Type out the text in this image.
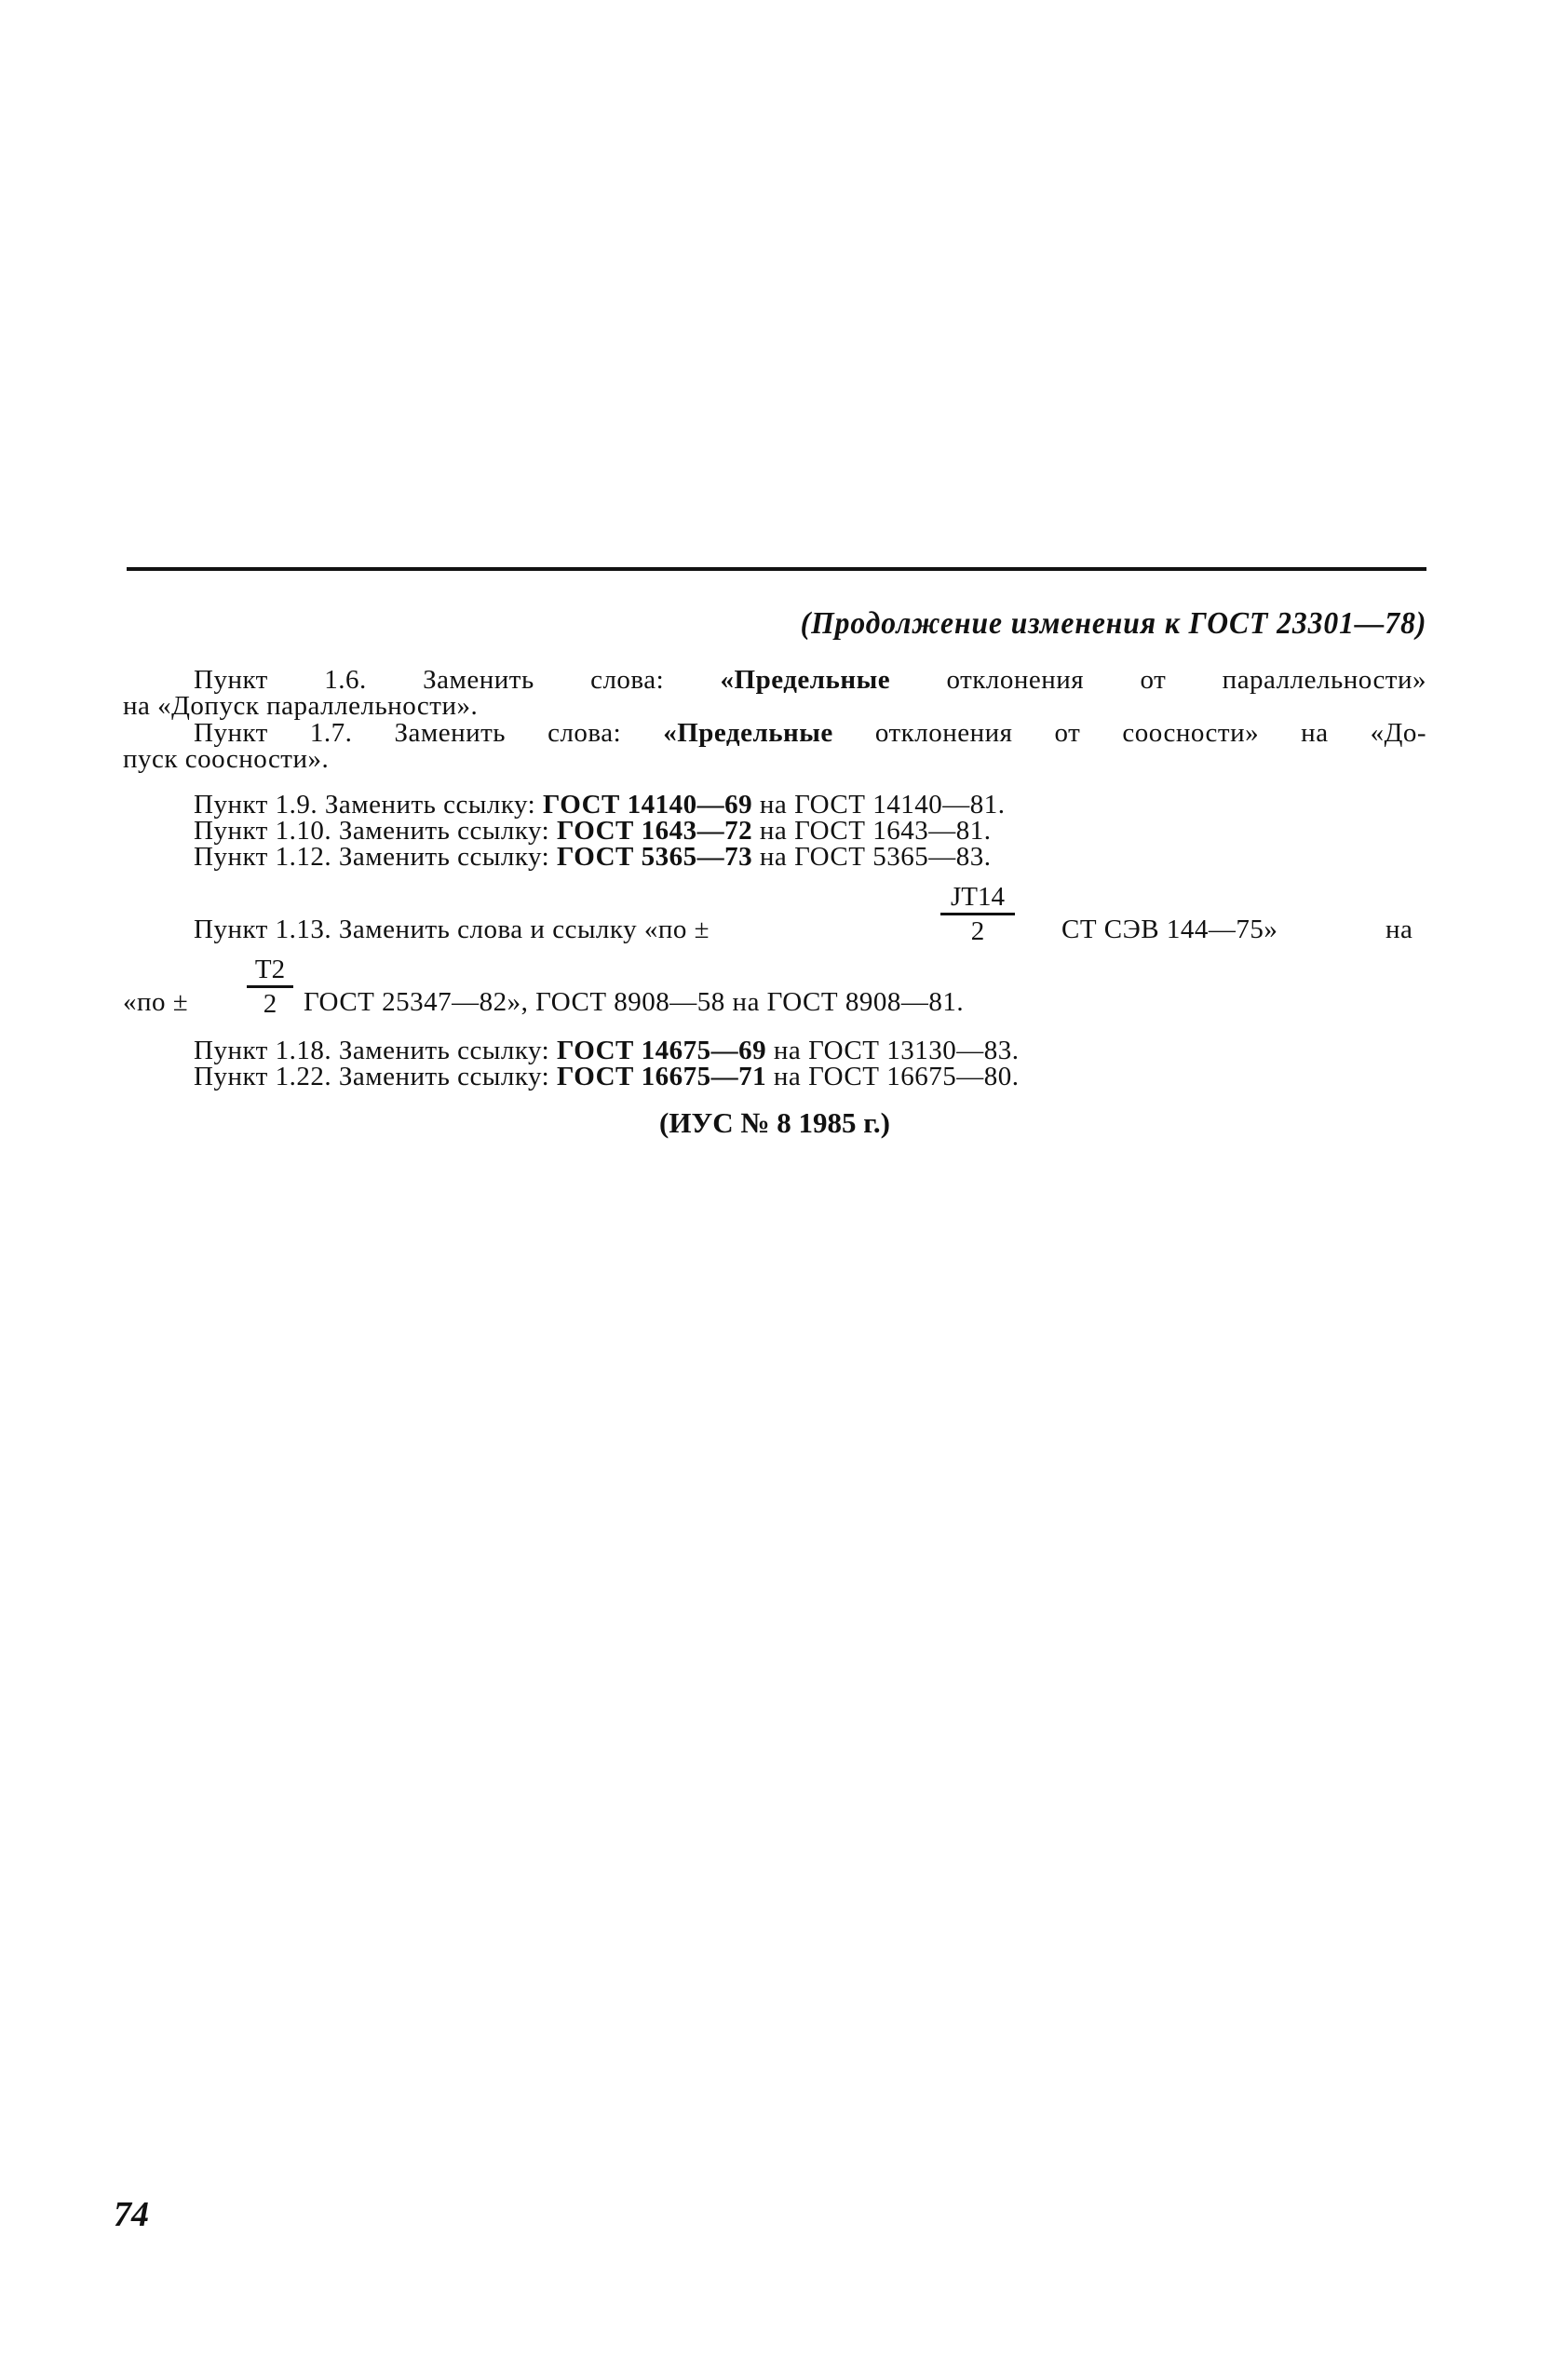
(Продолжение изменения к ГОСТ 23301—78)
Пункт 1.6. Заменить слова: «Предельные отклонения от параллельности»
на «Допуск параллельности».
Пункт 1.7. Заменить слова: «Предельные отклонения от соосности» на «До-
пуск соосности».
Пункт 1.9. Заменить ссылку: ГОСТ 14140—69 на ГОСТ 14140—81.
Пункт 1.10. Заменить ссылку: ГОСТ 1643—72 на ГОСТ 1643—81.
Пункт 1.12. Заменить ссылку: ГОСТ 5365—73 на ГОСТ 5365—83.
Пункт 1.13. Заменить слова и ссылку «по ±
JT14
2	СТ СЭВ 144—75»	на
«по ±
T2
2 ГОСТ 25347—82», ГОСТ 8908—58 на ГОСТ 8908—81.
Пункт 1.18. Заменить ссылку: ГОСТ 14675—69 на ГОСТ 13130—83.
Пункт 1.22. Заменить ссылку: ГОСТ 16675—71 на ГОСТ 16675—80.
(ИУС № 8 1985 г.)
74
